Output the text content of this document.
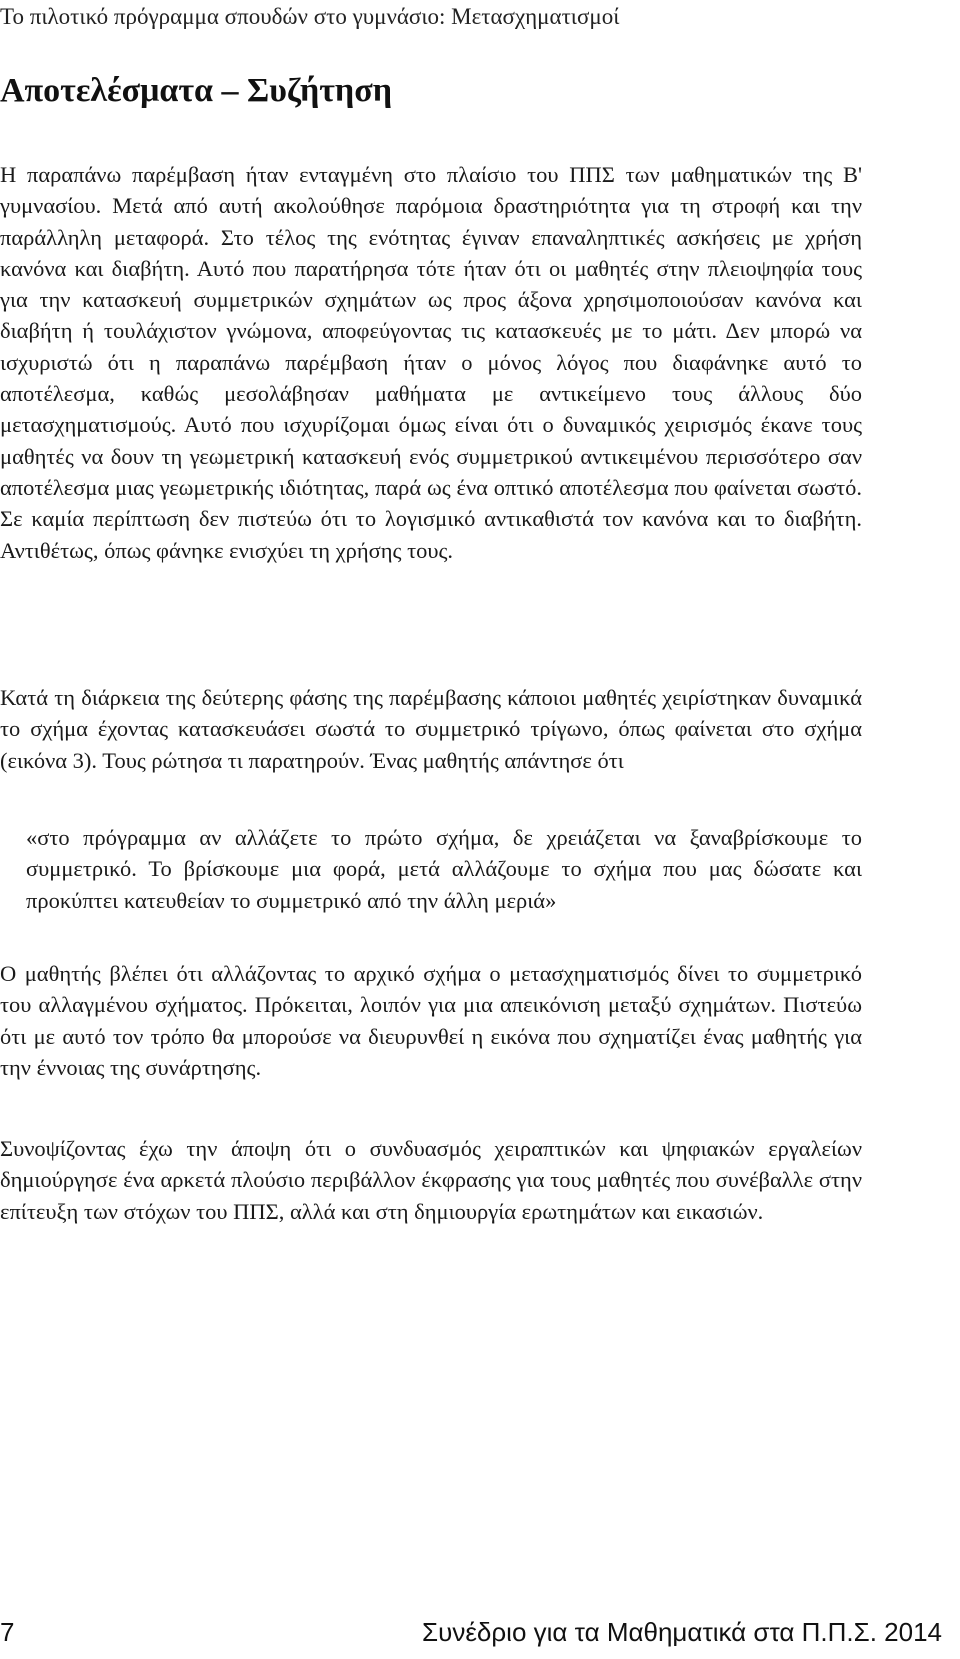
Το πιλοτικό πρόγραμμα σπουδών στο γυμνάσιο: Μετασχηματισμοί
Αποτελέσματα – Συζήτηση

Η παραπάνω παρέμβαση ήταν ενταγμένη στο πλαίσιο του ΠΠΣ των μαθηματικών της Β' γυμνασίου. Μετά από αυτή ακολούθησε παρόμοια δραστηριότητα για τη στροφή και την παράλληλη μεταφορά. Στο τέλος της ενότητας έγιναν επαναληπτικές ασκήσεις με χρήση κανόνα και διαβήτη. Αυτό που παρατήρησα τότε ήταν ότι οι μαθητές στην πλειοψηφία τους για την κατασκευή συμμετρικών σχημάτων ως προς άξονα χρησιμοποιούσαν κανόνα και διαβήτη ή τουλάχιστον γνώμονα, αποφεύγοντας τις κατασκευές με το μάτι. Δεν μπορώ να ισχυριστώ ότι η παραπάνω παρέμβαση ήταν ο μόνος λόγος που διαφάνηκε αυτό το αποτέλεσμα, καθώς μεσολάβησαν μαθήματα με αντικείμενο τους άλλους δύο μετασχηματισμούς. Αυτό που ισχυρίζομαι όμως είναι ότι ο δυναμικός χειρισμός έκανε τους μαθητές να δουν τη γεωμετρική κατασκευή ενός συμμετρικού αντικειμένου περισσότερο σαν αποτέλεσμα μιας γεωμετρικής ιδιότητας, παρά ως ένα οπτικό αποτέλεσμα που φαίνεται σωστό. Σε καμία περίπτωση δεν πιστεύω ότι το λογισμικό αντικαθιστά τον κανόνα και το διαβήτη. Αντιθέτως, όπως φάνηκε ενισχύει τη χρήσης τους.

Κατά τη διάρκεια της δεύτερης φάσης της παρέμβασης κάποιοι μαθητές χειρίστηκαν δυναμικά το σχήμα έχοντας κατασκευάσει σωστά το συμμετρικό τρίγωνο, όπως φαίνεται στο σχήμα (εικόνα 3). Τους ρώτησα τι παρατηρούν. Ένας μαθητής απάντησε ότι

«στο πρόγραμμα αν αλλάζετε το πρώτο σχήμα, δε χρειάζεται να ξαναβρίσκουμε το συμμετρικό. Το βρίσκουμε μια φορά, μετά αλλάζουμε το σχήμα που μας δώσατε και προκύπτει κατευθείαν το συμμετρικό από την άλλη μεριά»

Ο μαθητής βλέπει ότι αλλάζοντας το αρχικό σχήμα ο μετασχηματισμός δίνει το συμμετρικό του αλλαγμένου σχήματος. Πρόκειται, λοιπόν για μια απεικόνιση μεταξύ σχημάτων. Πιστεύω ότι με αυτό τον τρόπο θα μπορούσε να διευρυνθεί η εικόνα που σχηματίζει ένας μαθητής για την έννοιας της συνάρτησης.

Συνοψίζοντας έχω την άποψη ότι ο συνδυασμός χειραπτικών και ψηφιακών εργαλείων δημιούργησε ένα αρκετά πλούσιο περιβάλλον έκφρασης για τους μαθητές που συνέβαλλε στην επίτευξη των στόχων του ΠΠΣ, αλλά και στη δημιουργία ερωτημάτων και εικασιών.

7	Συνέδριο για τα Μαθηματικά στα Π.Π.Σ. 2014
